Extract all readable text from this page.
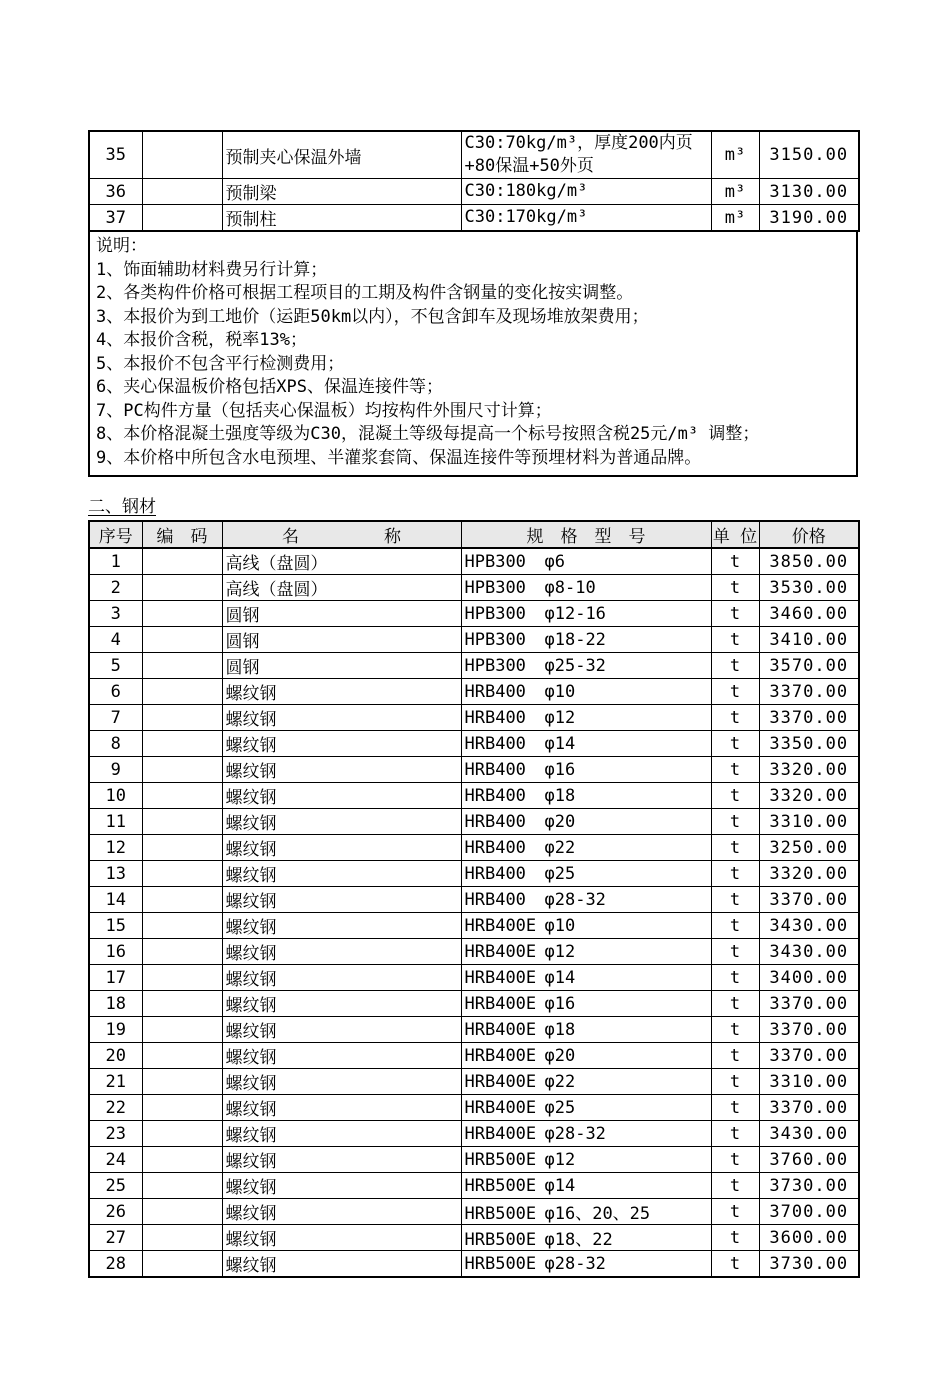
35		预制夹心保温外墙	C30:70kg/m³，厚度200内页+80保温+50外页	m³	3150.00
36		预制梁	C30:180kg/m³	m³	3130.00
37		预制柱	C30:170kg/m³	m³	3190.00
说明：
1、饰面辅助材料费另行计算；
2、各类构件价格可根据工程项目的工期及构件含钢量的变化按实调整。
3、本报价为到工地价（运距50km以内），不包含卸车及现场堆放架费用；
4、本报价含税，税率13%；
5、本报价不包含平行检测费用；
6、夹心保温板价格包括XPS、保温连接件等；
7、PC构件方量（包括夹心保温板）均按构件外围尺寸计算；
8、本价格混凝土强度等级为C30，混凝土等级每提高一个标号按照含税25元/m³ 调整；
9、本价格中所包含水电预埋、半灌浆套筒、保温连接件等预埋材料为普通品牌。
二、钢材
序号	编　码	名　　　　　称	规　格　型　号	单 位	价格
1		高线（盘圆）	HPB300 φ6	t	3850.00
2		高线（盘圆）	HPB300 φ8-10	t	3530.00
3		圆钢	HPB300 φ12-16	t	3460.00
4		圆钢	HPB300 φ18-22	t	3410.00
5		圆钢	HPB300 φ25-32	t	3570.00
6		螺纹钢	HRB400 φ10	t	3370.00
7		螺纹钢	HRB400 φ12	t	3370.00
8		螺纹钢	HRB400 φ14	t	3350.00
9		螺纹钢	HRB400 φ16	t	3320.00
10		螺纹钢	HRB400 φ18	t	3320.00
11		螺纹钢	HRB400 φ20	t	3310.00
12		螺纹钢	HRB400 φ22	t	3250.00
13		螺纹钢	HRB400 φ25	t	3320.00
14		螺纹钢	HRB400 φ28-32	t	3370.00
15		螺纹钢	HRB400E φ10	t	3430.00
16		螺纹钢	HRB400E φ12	t	3430.00
17		螺纹钢	HRB400E φ14	t	3400.00
18		螺纹钢	HRB400E φ16	t	3370.00
19		螺纹钢	HRB400E φ18	t	3370.00
20		螺纹钢	HRB400E φ20	t	3370.00
21		螺纹钢	HRB400E φ22	t	3310.00
22		螺纹钢	HRB400E φ25	t	3370.00
23		螺纹钢	HRB400E φ28-32	t	3430.00
24		螺纹钢	HRB500E φ12	t	3760.00
25		螺纹钢	HRB500E φ14	t	3730.00
26		螺纹钢	HRB500E φ16、20、25	t	3700.00
27		螺纹钢	HRB500E φ18、22	t	3600.00
28		螺纹钢	HRB500E φ28-32	t	3730.00
